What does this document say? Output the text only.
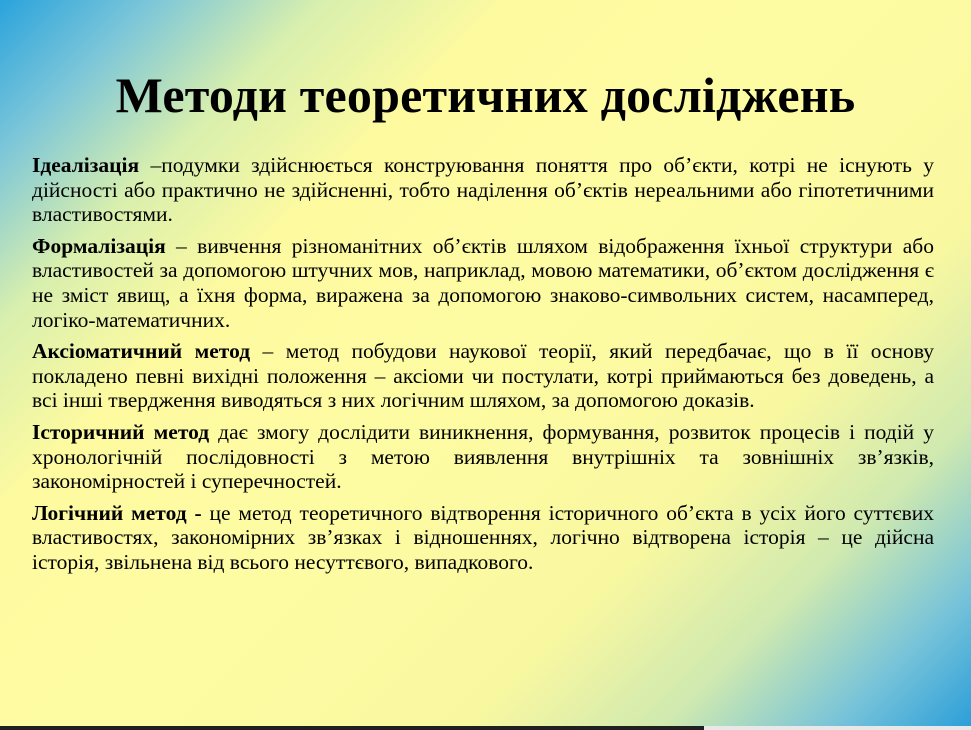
Методи теоретичних досліджень

Ідеалізація –подумки здійснюється конструювання поняття про об’єкти, котрі не існують у дійсності або практично не здійсненні, тобто наділення об’єктів нереальними або гіпотетичними властивостями.

Формалізація – вивчення різноманітних об’єктів шляхом відображення їхньої структури або властивостей за допомогою штучних мов, наприклад, мовою математики, об’єктом дослідження є не зміст явищ, а їхня форма, виражена за допомогою знаково-символьних систем, насамперед, логіко-математичних.

Аксіоматичний метод – метод побудови наукової теорії, який передбачає, що в її основу покладено певні вихідні положення – аксіоми чи постулати, котрі приймаються без доведень, а всі інші твердження виводяться з них логічним шляхом, за допомогою доказів.

Історичний метод дає змогу дослідити виникнення, формування, розвиток процесів і подій у хронологічній послідовності з метою виявлення внутрішніх та зовнішніх зв’язків, закономірностей і суперечностей.

Логічний метод - це метод теоретичного відтворення історичного об’єкта в усіх його суттєвих властивостях, закономірних зв’язках і відношеннях, логічно відтворена історія – це дійсна історія, звільнена від всього несуттєвого, випадкового.
